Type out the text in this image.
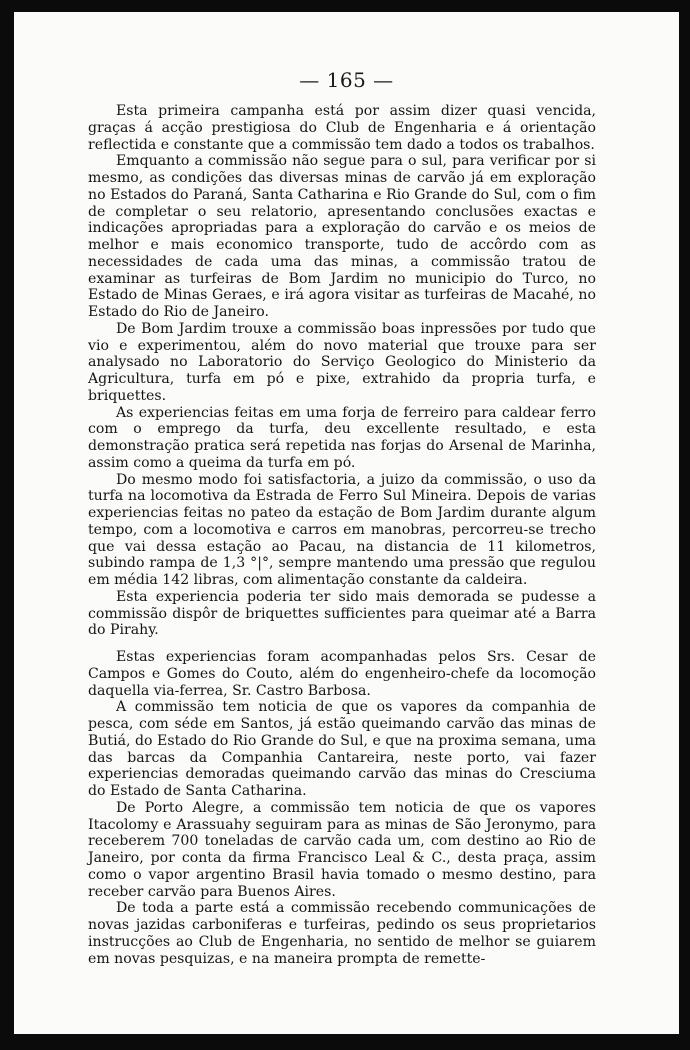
— 165 —

Esta primeira campanha está por assim dizer quasi vencida, graças á acção prestigiosa do Club de Engenharia e á orientação reflectida e constante que a commissão tem dado a todos os trabalhos.

Emquanto a commissão não segue para o sul, para verificar por si mesmo, as condições das diversas minas de carvão já em exploração no Estados do Paraná, Santa Catharina e Rio Grande do Sul, com o fim de completar o seu relatorio, apresentando conclusões exactas e indicações apropriadas para a exploração do carvão e os meios de melhor e mais economico transporte, tudo de accôrdo com as necessidades de cada uma das minas, a commissão tratou de examinar as turfeiras de Bom Jardim no municipio do Turco, no Estado de Minas Geraes, e irá agora visitar as turfeiras de Macahé, no Estado do Rio de Janeiro.

De Bom Jardim trouxe a commissão boas inpressões por tudo que vio e experimentou, além do novo material que trouxe para ser analysado no Laboratorio do Serviço Geologico do Ministerio da Agricultura, turfa em pó e pixe, extrahido da propria turfa, e briquettes.

As experiencias feitas em uma forja de ferreiro para caldear ferro com o emprego da turfa, deu excellente resultado, e esta demonstração pratica será repetida nas forjas do Arsenal de Marinha, assim como a queima da turfa em pó.

Do mesmo modo foi satisfactoria, a juizo da commissão, o uso da turfa na locomotiva da Estrada de Ferro Sul Mineira. Depois de varias experiencias feitas no pateo da estação de Bom Jardim durante algum tempo, com a locomotiva e carros em manobras, percorreu-se trecho que vai dessa estação ao Pacau, na distancia de 11 kilometros, subindo rampa de 1,3 °|°, sempre mantendo uma pressão que regulou em média 142 libras, com alimentação constante da caldeira.

Esta experiencia poderia ter sido mais demorada se pudesse a commissão dispôr de briquettes sufficientes para queimar até a Barra do Pirahy.

Estas experiencias foram acompanhadas pelos Srs. Cesar de Campos e Gomes do Couto, além do engenheiro-chefe da locomoção daquella via-ferrea, Sr. Castro Barbosa.

A commissão tem noticia de que os vapores da companhia de pesca, com séde em Santos, já estão queimando carvão das minas de Butiá, do Estado do Rio Grande do Sul, e que na proxima semana, uma das barcas da Companhia Cantareira, neste porto, vai fazer experiencias demoradas queimando carvão das minas do Cresciuma do Estado de Santa Catharina.

De Porto Alegre, a commissão tem noticia de que os vapores Itacolomy e Arassuahy seguiram para as minas de São Jeronymo, para receberem 700 toneladas de carvão cada um, com destino ao Rio de Janeiro, por conta da firma Francisco Leal & C., desta praça, assim como o vapor argentino Brasil havia tomado o mesmo destino, para receber carvão para Buenos Aires.

De toda a parte está a commissão recebendo communicações de novas jazidas carboniferas e turfeiras, pedindo os seus proprietarios instrucções ao Club de Engenharia, no sentido de melhor se guiarem em novas pesquizas, e na maneira prompta de remette-
